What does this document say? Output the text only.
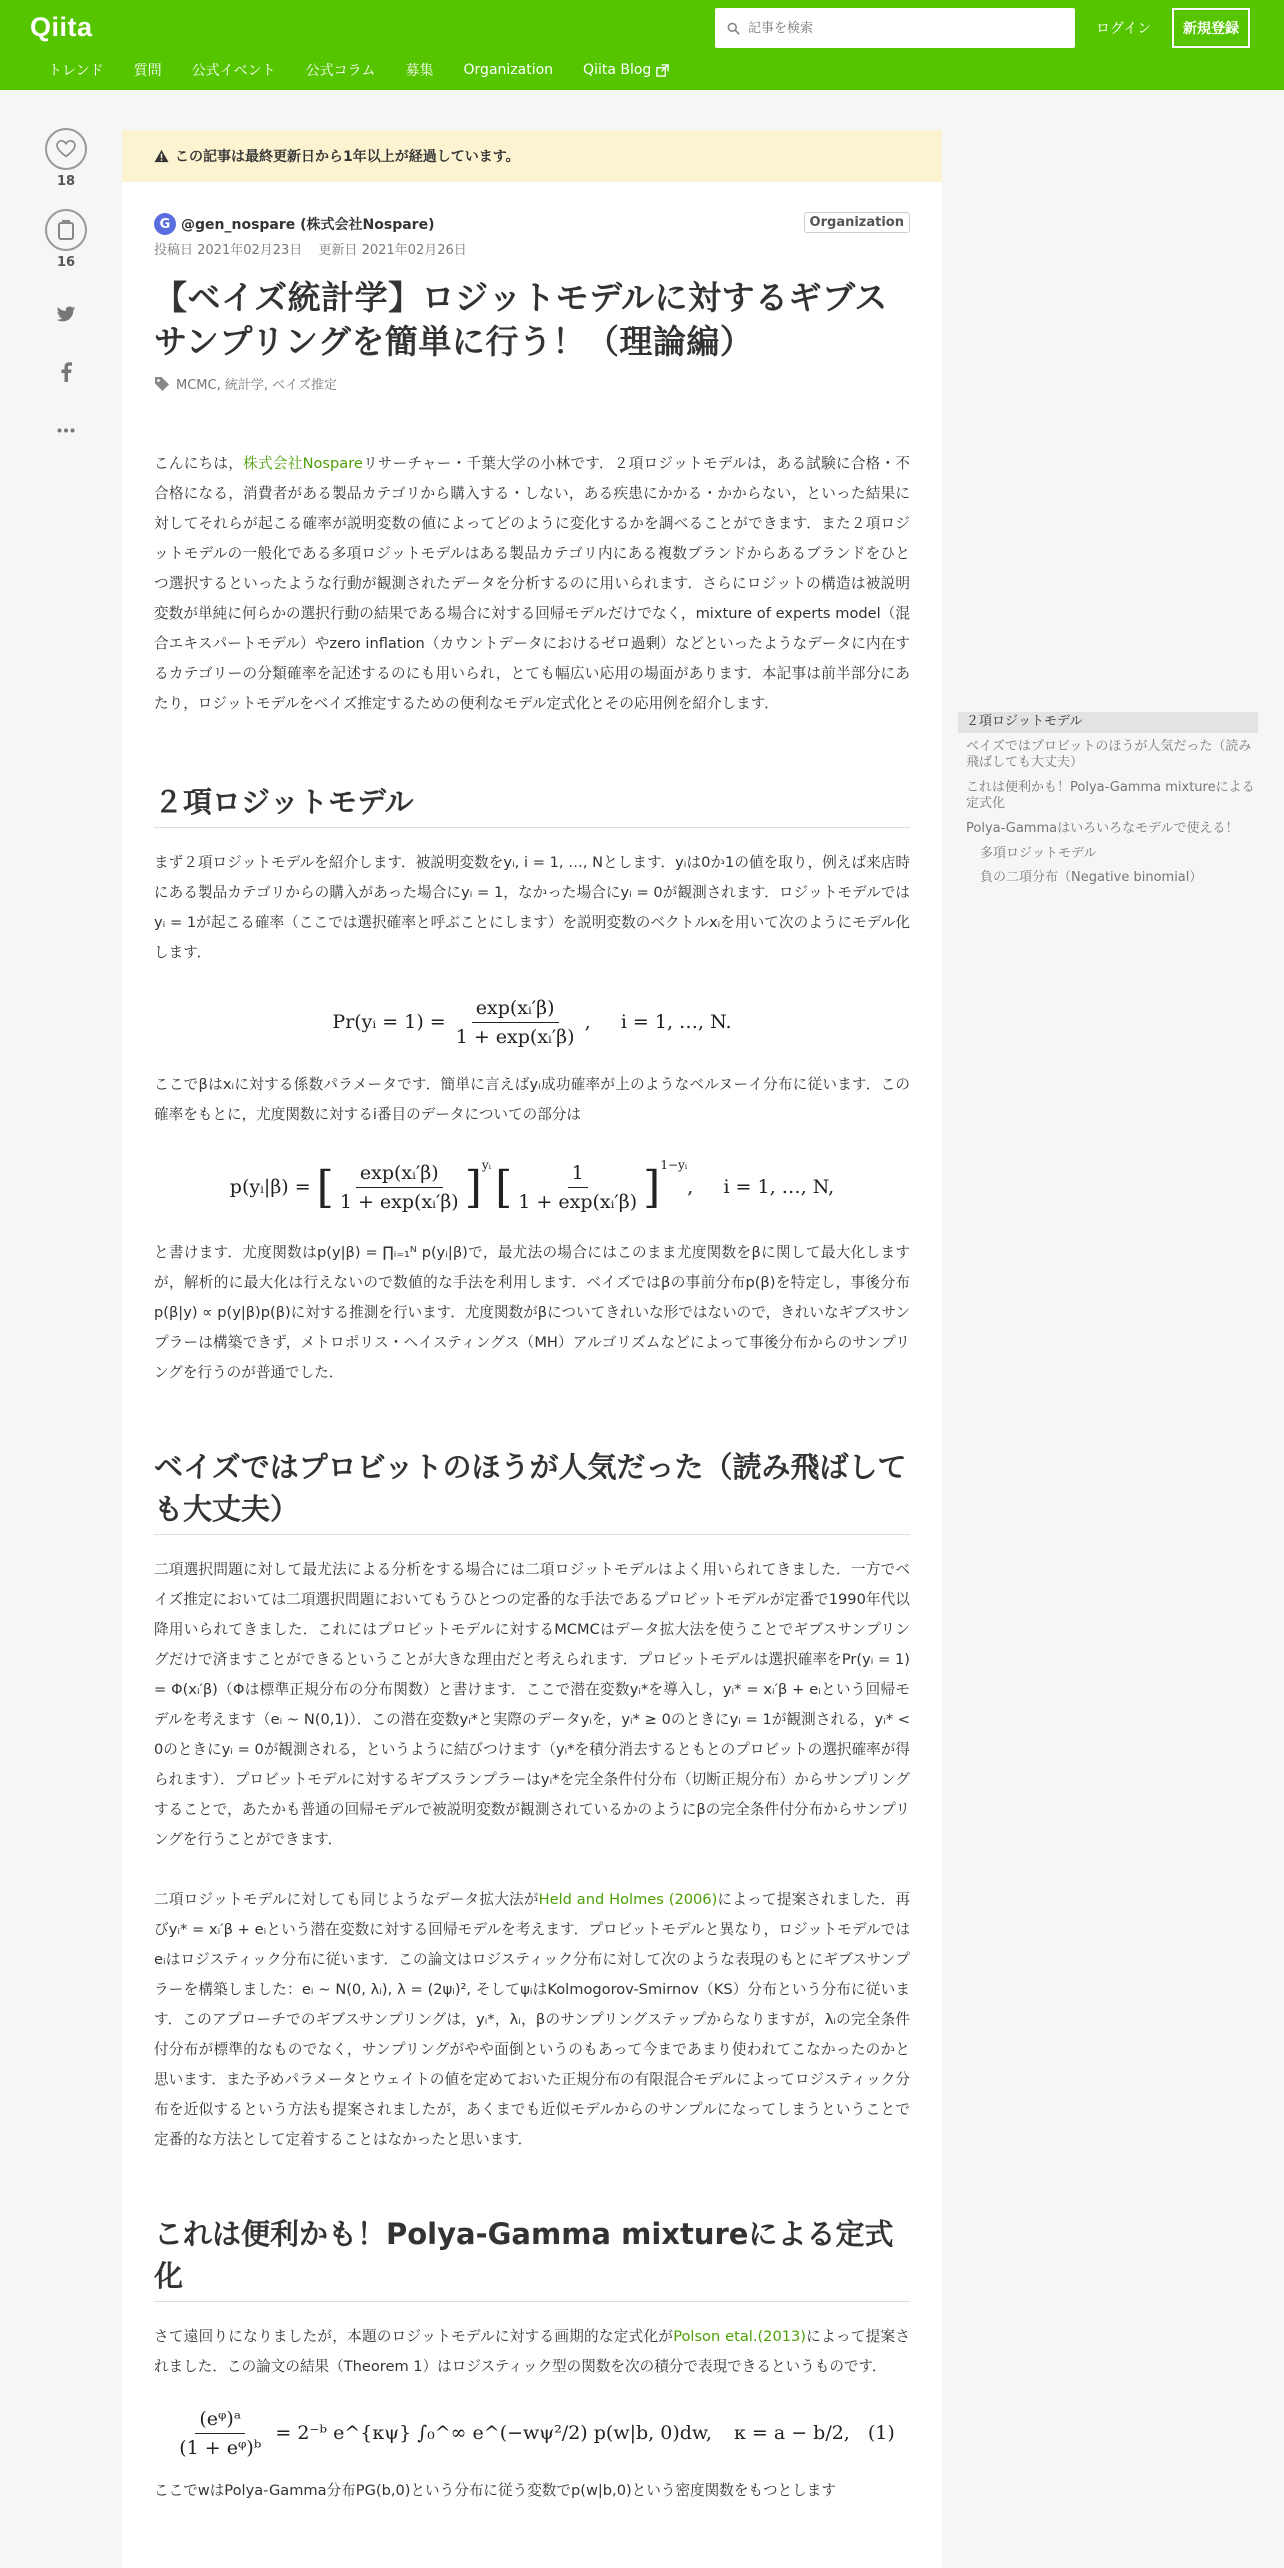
Qiita
記事を検索	ログイン	新規登録
トレンド 質問 公式イベント 公式コラム 募集 Organization Qiita Blog
18
16
この記事は最終更新日から1年以上が経過しています。
G @gen_nospare (株式会社Nospare)	Organization
投稿日 2021年02月23日 更新日 2021年02月26日
【ベイズ統計学】ロジットモデルに対するギブスサンプリングを簡単に行う！（理論編）
MCMC, 統計学, ベイズ推定

こんにちは，株式会社Nospareリサーチャー・千葉大学の小林です．２項ロジットモデルは，ある試験に合格・不合格になる，消費者がある製品カテゴリから購入する・しない，ある疾患にかかる・かからない，といった結果に対してそれらが起こる確率が説明変数の値によってどのように変化するかを調べることができます．また２項ロジットモデルの一般化である多項ロジットモデルはある製品カテゴリ内にある複数ブランドからあるブランドをひとつ選択するといったような行動が観測されたデータを分析するのに用いられます．さらにロジットの構造は被説明変数が単純に何らかの選択行動の結果である場合に対する回帰モデルだけでなく，mixture of experts model（混合エキスパートモデル）やzero inflation（カウントデータにおけるゼロ過剰）などといったようなデータに内在するカテゴリーの分類確率を記述するのにも用いられ，とても幅広い応用の場面があります．本記事は前半部分にあたり，ロジットモデルをベイズ推定するための便利なモデル定式化とその応用例を紹介します．

２項ロジットモデル

まず２項ロジットモデルを紹介します．被説明変数をyᵢ, i = 1, …, Nとします．yᵢは0か1の値を取り，例えば来店時にある製品カテゴリからの購入があった場合にyᵢ = 1，なかった場合にyᵢ = 0が観測されます．ロジットモデルではyᵢ = 1が起こる確率（ここでは選択確率と呼ぶことにします）を説明変数のベクトルxᵢを用いて次のようにモデル化します．

Pr(yᵢ = $1) = \frac{\text{exp(xᵢ′β)}}{\text{1 + exp(xᵢ′β)}}$ ,     i = 1, …, N.

ここでβはxᵢに対する係数パラメータです．簡単に言えばyᵢ成功確率が上のようなベルヌーイ分布に従います．この確率をもとに，尤度関数に対するi番目のデータについての部分は

p(yᵢ|β) = [ $\frac{\text{exp(xᵢ′β)}}{\text{1 + exp(xᵢ′β)}} ]^{yᵢ}$ [ $\frac{1}{\text{1 + exp(xᵢ′β)}} ]^{1-yᵢ}$
,     i = 1, …, N,

と書けます．尤度関数はp(y|β) = ∏ᵢ₌₁ᴺ p(yᵢ|β)で，最尤法の場合にはこのまま尤度関数をβに関して最大化しますが，解析的に最大化は行えないので数値的な手法を利用します．ベイズではβの事前分布p(β)を特定し，事後分布p(β|y) ∝ p(y|β)p(β)に対する推測を行います．尤度関数がβについてきれいな形ではないので，きれいなギブスサンプラーは構築できず，メトロポリス・ヘイスティングス（MH）アルゴリズムなどによって事後分布からのサンプリングを行うのが普通でした．

ベイズではプロビットのほうが人気だった（読み飛ばしても大丈夫）

二項選択問題に対して最尤法による分析をする場合には二項ロジットモデルはよく用いられてきました．一方でベイズ推定においては二項選択問題においてもうひとつの定番的な手法であるプロビットモデルが定番で1990年代以降用いられてきました．これにはプロビットモデルに対するMCMCはデータ拡大法を使うことでギブスサンプリングだけで済ますことができるということが大きな理由だと考えられます．プロビットモデルは選択確率をPr(yᵢ = 1) = Φ(xᵢ′β)（Φは標準正規分布の分布関数）と書けます．ここで潜在変数yᵢ*を導入し，yᵢ* = xᵢ′β + eᵢという回帰モデルを考えます（eᵢ ~ N(0,1)）．この潜在変数yᵢ*と実際のデータyᵢを，yᵢ* ≥ 0のときにyᵢ = 1が観測される，yᵢ* < 0のときにyᵢ = 0が観測される，というように結びつけます（yᵢ*を積分消去するともとのプロビットの選択確率が得られます）．プロビットモデルに対するギブスランプラーはyᵢ*を完全条件付分布（切断正規分布）からサンプリングすることで，あたかも普通の回帰モデルで被説明変数が観測されているかのようにβの完全条件付分布からサンプリングを行うことができます．

二項ロジットモデルに対しても同じようなデータ拡大法がHeld and Holmes (2006)によって提案されました．再びyᵢ* = xᵢ′β + eᵢという潜在変数に対する回帰モデルを考えます．プロビットモデルと異なり，ロジットモデルではeᵢはロジスティック分布に従います．この論文はロジスティック分布に対して次のような表現のもとにギブスサンプラーを構築しました：eᵢ ~ N(0, λᵢ), λ = (2ψᵢ)², そしてψᵢはKolmogorov-Smirnov（KS）分布という分布に従います．このアプローチでのギブスサンプリングは，yᵢ*，λᵢ，βのサンプリングステップからなりますが，λᵢの完全条件付分布が標準的なものでなく，サンプリングがやや面倒というのもあって今まであまり使われてこなかったのかと思います．また予めパラメータとウェイトの値を定めておいた正規分布の有限混合モデルによってロジスティック分布を近似するという方法も提案されましたが，あくまでも近似モデルからのサンプルになってしまうということで定番的な方法として定着することはなかったと思います．

これは便利かも！Polya-Gamma mixtureによる定式化

さて遠回りになりましたが，本題のロジットモデルに対する画期的な定式化がPolson etal.(2013)によって提案されました．この論文の結果（Theorem 1）はロジスティック型の関数を次の積分で表現できるというものです．

$\frac{\text{(eᵠ)ᵃ}}{\text{(1 + eᵠ)ᵇ}}$ = 2⁻ᵇ e^{κψ} ∫₀^∞ e^(−wψ²/2) p(w|b, 0)dw, κ = a − b/2, (1)

ここでwはPolya-Gamma分布PG(b,0)という分布に従う変数でp(w|b,0)という密度関数をもつとします

２項ロジットモデル
ベイズではプロビットのほうが人気だった（読み飛ばしても大丈夫）
これは便利かも！Polya-Gamma mixtureによる定式化
Polya-Gammaはいろいろなモデルで使える！
多項ロジットモデル
負の二項分布（Negative binomial）
